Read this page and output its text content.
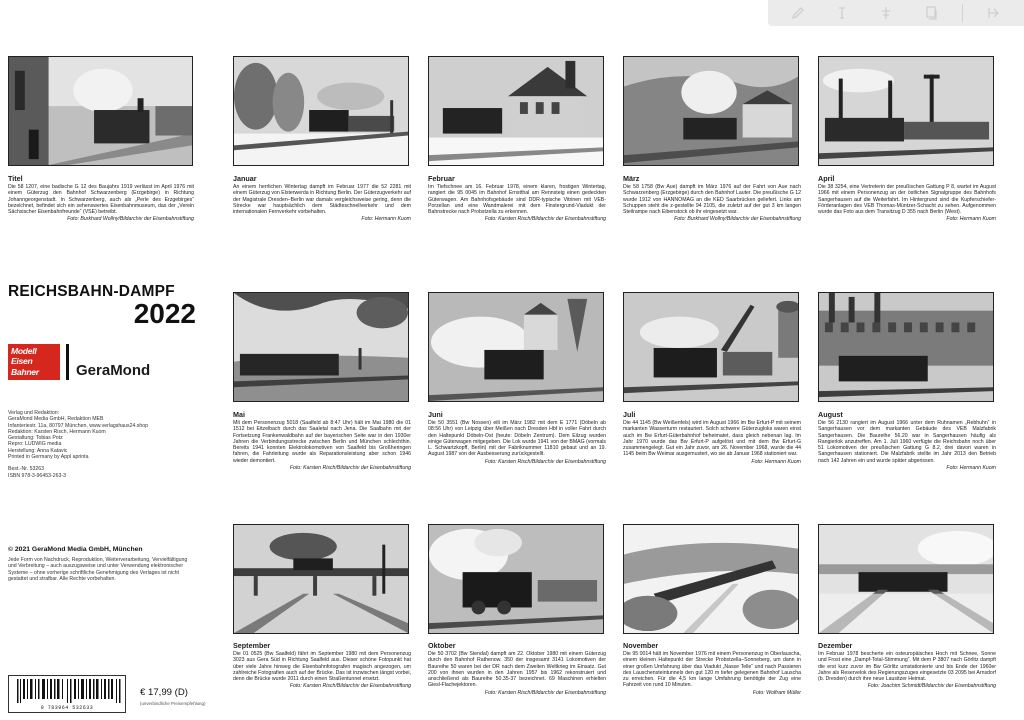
Titel

Die 58 1207, eine badische G 12 des Baujahrs 1919 verlässt im April 1976 mit einem Güterzug den Bahnhof Schwarzenberg (Erzgebirge) in Richtung Johanngeorgenstadt. In Schwarzenberg, auch als „Perle des Erzgebirges“ bezeichnet, befindet sich ein sehenswertes Eisenbahnmuseum, das der „Verein Sächsischer Eisenbahnfreunde“ (VSE) betreibt.

Foto: Burkhard Wollny/Bildarchiv der Eisenbahnstiftung

Januar

An einem herrlichen Wintertag dampft im Februar 1977 die 52 2281 mit einem Güterzug von Elsterwerda in Richtung Berlin. Der Güterzugverkehr auf der Magistrale Dresden–Berlin war damals vergleichsweise gering, denn die Strecke war hauptsächlich dem Städteschnellverkehr und dem internationalen Fernverkehr vorbehalten.

Foto: Hermann Kuom

Februar

Im Tiefschnee am 16. Februar 1978, einem klaren, frostigen Wintertag, rangiert die 95 0045 im Bahnhof Ernstthal am Rennsteig einen gedeckten Güterwagen. Am Bahnhofsgebäude sind DDR-typische Vitrinen mit VEB-Porzellan und eine Wandmalerei mit dem Finstergrund-Viadukt der Bahnstrecke nach Probstzella zu erkennen.

Foto: Karsten Risch/Bildarchiv der Eisenbahnstiftung

März

Die 58 1758 (Bw Aue) dampft im März 1976 auf der Fahrt von Aue nach Schwarzenberg (Erzgebirge) durch den Bahnhof Lauter. Die preußische G 12 wurde 1912 von HANNOMAG an die KED Saarbrücken geliefert. Links am Schuppen steht die z-gestellte 94 2105, die zuletzt auf der gut 3 km langen Steilrampe nach Eibenstock ob ihr eingesetzt war.

Foto: Burkhard Wollny/Bildarchiv der Eisenbahnstiftung

April

Die 38 3254, eine Vertreterin der preußischen Gattung P 8, wartet im August 1966 mit einem Personenzug an der östlichen Signalgruppe des Bahnhofs Sangerhausen auf die Weiterfahrt. Im Hintergrund sind die Kupferschiefer-Förderanlagen des VEB Thomas-Müntzer-Schacht zu sehen. Aufgenommen wurde das Foto aus dem Transitzug D 355 nach Berlin (West).

Foto: Hermann Kuom

REICHSBAHN-DAMPF
2022
Modell
Eisen
Bahner	GeraMond

Verlag und Redaktion:

GeraMond Media GmbH, Redaktion MEB

Infanteriestr. 11a, 80797 München, www.verlagshaus24.shop

Redaktion: Karsten Risch, Hermann Kuom

Gestaltung: Tobias Potz

Repro: LUDWIG media

Herstellung: Anna Katavic

Printed in Germany by Appl aprinta

Best.-Nr. 53263

ISBN 978-3-96453-263-3

© 2021 GeraMond Media GmbH, München
Jede Form von Nachdruck, Reproduktion, Weiterverarbeitung, Vervielfältigung und Verbreitung – auch auszugsweise und unter Verwendung elektronischer Systeme – ohne vorherige schriftliche Genehmigung des Verlages ist nicht gestattet und strafbar. Alle Rechte vorbehalten.
9 783964 532633
€ 17,99 (D)
(unverbindliche Preisempfehlung)
Mai

Mit dem Personenzug 5018 (Saalfeld ab 8:47 Uhr) hält im Mai 1980 die 01 1512 bei Eitzelbach durch das Saaletal nach Jena. Die Saalbahn mit der Fortsetzung Frankenwaldbahn auf der bayerischen Seite war in den 1930er Jahren die Verbindungsstrecke zwischen Berlin und München schlechthin. Bereits 1941 konnten Elektrolokomotiven von Saalfeld bis Großheringen fahren, die Fahrleitung wurde als Reparationsleistung aber schon 1946 wieder demontiert.

Foto: Karsten Risch/Bildarchiv der Eisenbahnstiftung

Juni

Die 50 3551 (Bw Nossen) eilt im März 1982 mit dem E 1771 (Döbeln ab 08:56 Uhr) von Leipzig über Meißen nach Dresden Hbf in voller Fahrt durch den Haltepunkt Döbeln-Ost (heute: Döbeln Zentrum). Dem Eilzug wurden einige Güterwagen mitgegeben. Die Lok wurde 1941 von der BMAG (vormals L. Schwartzkopff, Berlin) mit der Fabriknummer 11810 gebaut und an 19. August 1987 von der Ausbesserung zurückgestellt.

Foto: Karsten Risch/Bildarchiv der Eisenbahnstiftung

Juli

Die 44 1145 (Bw Weißenfels) wird im August 1966 im Bw Erfurt-P mit seinem markanten Wasserturm restauriert. Solch schwere Güterzugloks waren einst auch im Bw Erfurt-Güterbahnhof beheimatet, dass gleich nebenan lag. Im Jahr 1970 wurde das Bw Erfurt-P aufgelöst und mit dem Bw Erfurt-G zusammengelegt. Gut ein Jahr zuvor, am 26. November 1968, wurde die 44 1145 beim Bw Weimar ausgemustert, wo sie ab Januar 1968 stationiert war.

Foto: Hermann Kuom

August

Die 56 2130 rangiert im August 1966 unter dem Ruhnamen „Rebhuhn“ in Sangerhausen vor dem markanten Gebäude des VEB Malzfabrik Sangerhausen. Die Baureihe 56.20 war in Sangerhausen häufig als Rangierlok anzutreffen. Am 1. Juli 1960 verfügte die Reichsbahn noch über 51 Lokomotiven der preußischen Gattung G 8.2, drei davon waren in Sangerhausen stationiert. Die Malzfabrik stellte im Jahr 2013 den Betrieb nach 142 Jahren ein und wurde später abgerissen.

Foto: Hermann Kuom

September

Die 01 0525 (Bw Saalfeld) fährt im September 1980 mit dem Personenzug 3023 aus Gera Süd in Richtung Saalfeld aus. Dieser schöne Fotopunkt hat über viele Jahre hinweg die Eisenbahnfotografen magisch angezogen, um zahlreiche Fotografien auch auf der Brücke. Das ist inzwischen längst vorbei, denn die Brücke wurde 2011 durch einen Straßentunnel ersetzt.

Foto: Karsten Risch/Bildarchiv der Eisenbahnstiftung

Oktober

Die 50 3702 (Bw Stendal) dampft am 22. Oktober 1980 mit einem Güterzug durch den Bahnhof Rathenow. 350 der insgesamt 3141 Lokomotiven der Baureihe 50 waren bei der DR nach dem Zweiten Weltkrieg im Einsatz. Gut 200 von ihnen wurden in den Jahren 1957 bis 1962 rekonstruiert und anschließend als Baureihe 50.35-37 bezeichnet. 69 Maschinen erhielten Giesl-Flachejektoren.

Foto: Karsten Risch/Bildarchiv der Eisenbahnstiftung

November

Die 95 0014 hält im November 1976 mit einem Personenzug in Oberlauscha, einem kleinen Haltepunkt der Strecke Probstzella–Sonneberg, um dann in einer großen Umfahrung über das Viadukt „Nasse Telle“ und nach Passieren des Lauschensteintunnels den gut 120 m tiefer gelegenen Bahnhof Lauscha zu erreichen. Für die 4,5 km lange Umfahrung benötigte der Zug eine Fahrzeit von rund 10 Minuten.

Foto: Wolfram Müller

Dezember

Im Februar 1978 bescherte ein osteuropäisches Hoch mit Schnee, Sonne und Frost eine „Dampf-Total-Stimmung“. Mit dem P 3807 nach Görlitz dampft die erst kurz zuvor im Bw Görlitz umstationierte und bis Ende der 1960er Jahre als Reservelok des Regierungszuges eingesetzte 03 2095 bei Arnsdorf (b. Dresden) durch ihre neue Lausitzer Heimat.

Foto: Joachim Schmidt/Bildarchiv der Eisenbahnstiftung
